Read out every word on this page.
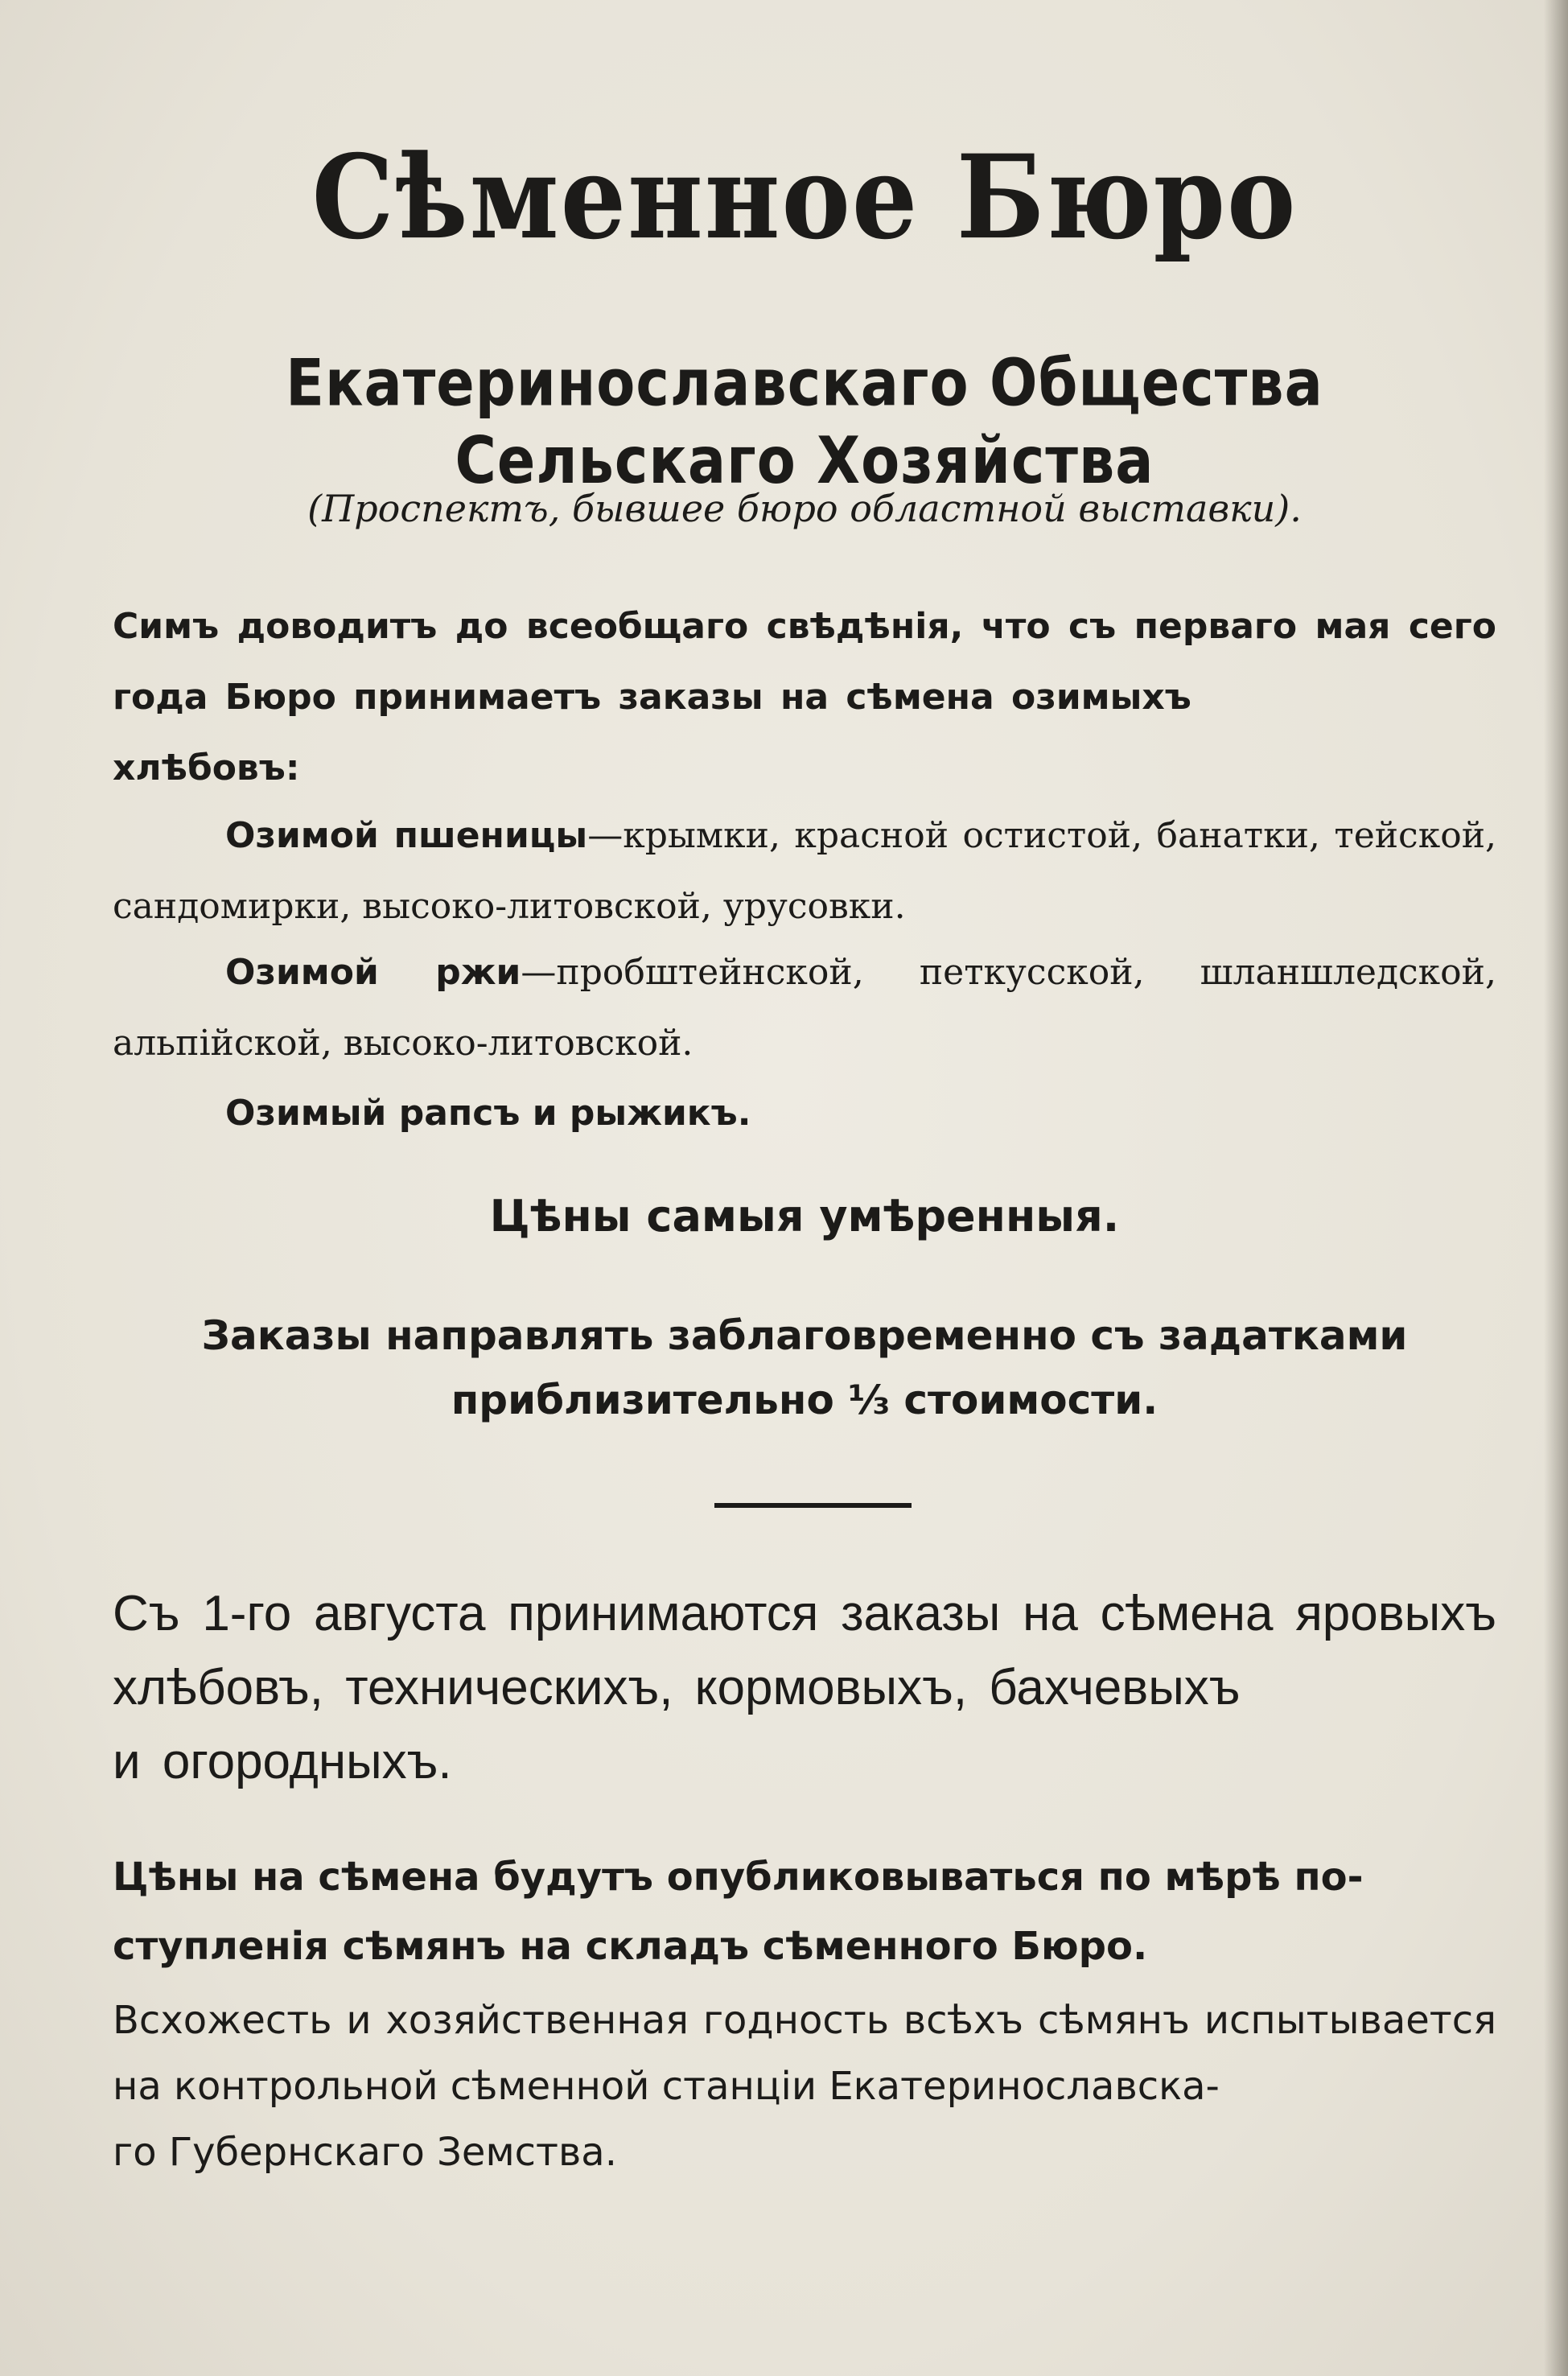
Сѣменное Бюро
Екатеринославскаго Общества Сельскаго Хозяйства
(Проспектъ, бывшее бюро областной выставки).
Симъ доводитъ до всеобщаго свѣдѣнія, что съ перваго мая сего года Бюро принимаетъ заказы на сѣмена озимыхъ
хлѣбовъ:
Озимой пшеницы—крымки, красной остистой, банатки, тейской, сандомирки, высоко-литовской, урусовки.
Озимой ржи—пробштейнской, петкусской, шланшледской, альпійской, высоко-литовской.
Озимый рапсъ и рыжикъ.
Цѣны самыя умѣренныя.
Заказы направлять заблаговременно съ задатками приблизительно ⅓ стоимости.
Съ 1-го августа принимаются заказы на сѣмена яровыхъ хлѣбовъ, техническихъ, кормовыхъ, бахчевыхъ
и огородныхъ.
Цѣны на сѣмена будутъ опубликовываться по мѣрѣ по-
ступленія сѣмянъ на складъ сѣменного Бюро.
Всхожесть и хозяйственная годность всѣхъ сѣмянъ испытывается на контрольной сѣменной станціи Екатеринославска-
го Губернскаго Земства.
